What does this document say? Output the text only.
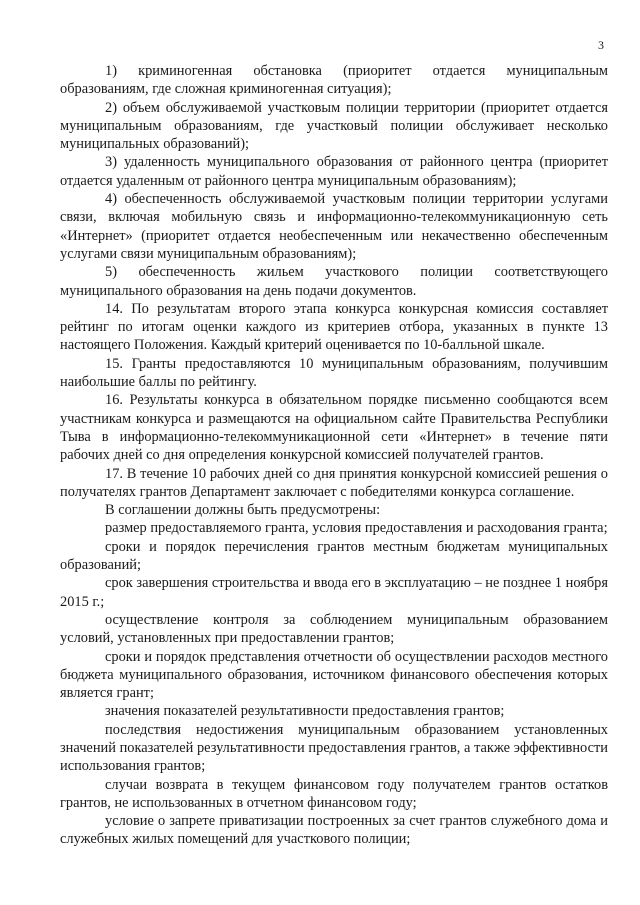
3

1) криминогенная обстановка (приоритет отдается муниципальным образованиям, где сложная криминогенная ситуация);

2) объем обслуживаемой участковым полиции территории (приоритет отдается муниципальным образованиям, где участковый полиции обслуживает несколько муниципальных образований);

3) удаленность муниципального образования от районного центра (приоритет отдается удаленным от районного центра муниципальным образованиям);

4) обеспеченность обслуживаемой участковым полиции территории услугами связи, включая мобильную связь и информационно-телекоммуникационную сеть «Интернет» (приоритет отдается необеспеченным или некачественно обеспеченным услугами связи муниципальным образованиям);

5) обеспеченность жильем участкового полиции соответствующего муниципального образования на день подачи документов.

14. По результатам второго этапа конкурса конкурсная комиссия составляет рейтинг по итогам оценки каждого из критериев отбора, указанных в пункте 13 настоящего Положения. Каждый критерий оценивается по 10-балльной шкале.

15. Гранты предоставляются 10 муниципальным образованиям, получившим наибольшие баллы по рейтингу.

16. Результаты конкурса в обязательном порядке письменно сообщаются всем участникам конкурса и размещаются на официальном сайте Правительства Республики Тыва в информационно-телекоммуникационной сети «Интернет» в течение пяти рабочих дней со дня определения конкурсной комиссией получателей грантов.

17. В течение 10 рабочих дней со дня принятия конкурсной комиссией решения о получателях грантов Департамент заключает с победителями конкурса соглашение.

В соглашении должны быть предусмотрены:

размер предоставляемого гранта, условия предоставления и расходования гранта;

сроки и порядок перечисления грантов местным бюджетам муниципальных образований;

срок завершения строительства и ввода его в эксплуатацию – не позднее 1 ноября 2015 г.;

осуществление контроля за соблюдением муниципальным образованием условий, установленных при предоставлении грантов;

сроки и порядок представления отчетности об осуществлении расходов местного бюджета муниципального образования, источником финансового обеспечения которых является грант;

значения показателей результативности предоставления грантов;

последствия недостижения муниципальным образованием установленных значений показателей результативности предоставления грантов, а также эффективности использования грантов;

случаи возврата в текущем финансовом году получателем грантов остатков грантов, не использованных в отчетном финансовом году;

условие о запрете приватизации построенных за счет грантов служебного дома и служебных жилых помещений для участкового полиции;
